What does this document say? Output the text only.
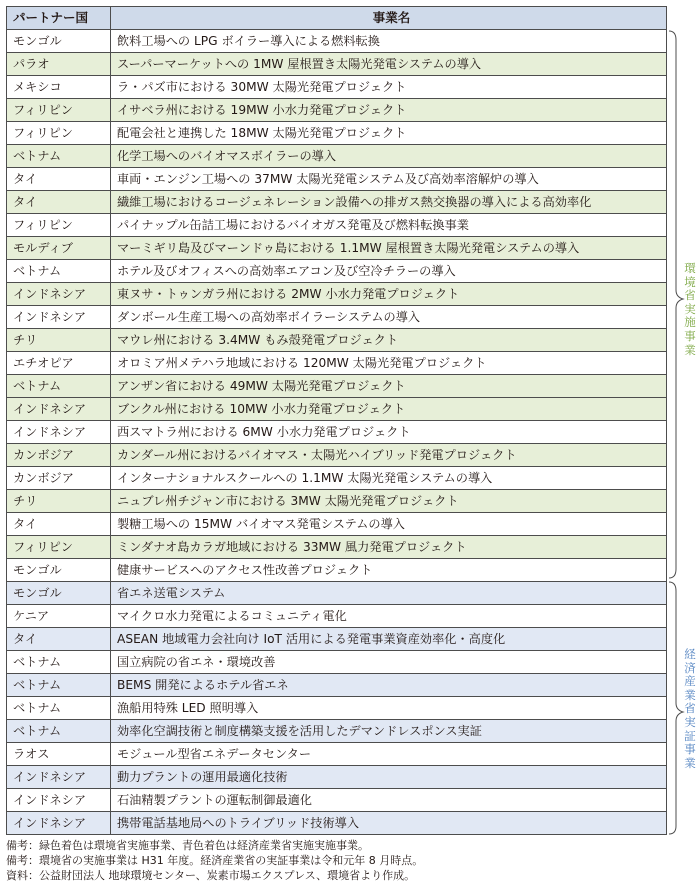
パートナー国	事業名
モンゴル	飲料工場への LPG ボイラー導入による燃料転換
パラオ	スーパーマーケットへの 1MW 屋根置き太陽光発電システムの導入
メキシコ	ラ・パズ市における 30MW 太陽光発電プロジェクト
フィリピン	イサベラ州における 19MW 小水力発電プロジェクト
フィリピン	配電会社と連携した 18MW 太陽光発電プロジェクト
ベトナム	化学工場へのバイオマスボイラーの導入
タイ	車両・エンジン工場への 37MW 太陽光発電システム及び高効率溶解炉の導入
タイ	繊維工場におけるコージェネレーション設備への排ガス熱交換器の導入による高効率化
フィリピン	パイナップル缶詰工場におけるバイオガス発電及び燃料転換事業
モルディブ	マーミギリ島及びマーンドゥ島における 1.1MW 屋根置き太陽光発電システムの導入
ベトナム	ホテル及びオフィスへの高効率エアコン及び空冷チラーの導入
インドネシア	東ヌサ・トゥンガラ州における 2MW 小水力発電プロジェクト
インドネシア	ダンボール生産工場への高効率ボイラーシステムの導入
チリ	マウレ州における 3.4MW もみ殻発電プロジェクト
エチオピア	オロミア州メテハラ地域における 120MW 太陽光発電プロジェクト
ベトナム	アンザン省における 49MW 太陽光発電プロジェクト
インドネシア	ブンクル州における 10MW 小水力発電プロジェクト
インドネシア	西スマトラ州における 6MW 小水力発電プロジェクト
カンボジア	カンダール州におけるバイオマス・太陽光ハイブリッド発電プロジェクト
カンボジア	インターナショナルスクールへの 1.1MW 太陽光発電システムの導入
チリ	ニュブレ州チジャン市における 3MW 太陽光発電プロジェクト
タイ	製糖工場への 15MW バイオマス発電システムの導入
フィリピン	ミンダナオ島カラガ地域における 33MW 風力発電プロジェクト
モンゴル	健康サービスへのアクセス性改善プロジェクト
モンゴル	省エネ送電システム
ケニア	マイクロ水力発電によるコミュニティ電化
タイ	ASEAN 地域電力会社向け IoT 活用による発電事業資産効率化・高度化
ベトナム	国立病院の省エネ・環境改善
ベトナム	BEMS 開発によるホテル省エネ
ベトナム	漁船用特殊 LED 照明導入
ベトナム	効率化空調技術と制度構築支援を活用したデマンドレスポンス実証
ラオス	モジュール型省エネデータセンター
インドネシア	動力プラントの運用最適化技術
インドネシア	石油精製プラントの運転制御最適化
インドネシア	携帯電話基地局へのトライブリッド技術導入
環境省実施事業
経済産業省実証事業
備考：緑色着色は環境省実施事業、青色着色は経済産業省実施実施事業。
備考：環境省の実施事業は H31 年度。経済産業省の実証事業は令和元年 8 月時点。
資料：公益財団法人 地球環境センター、炭素市場エクスプレス、環境省より作成。
